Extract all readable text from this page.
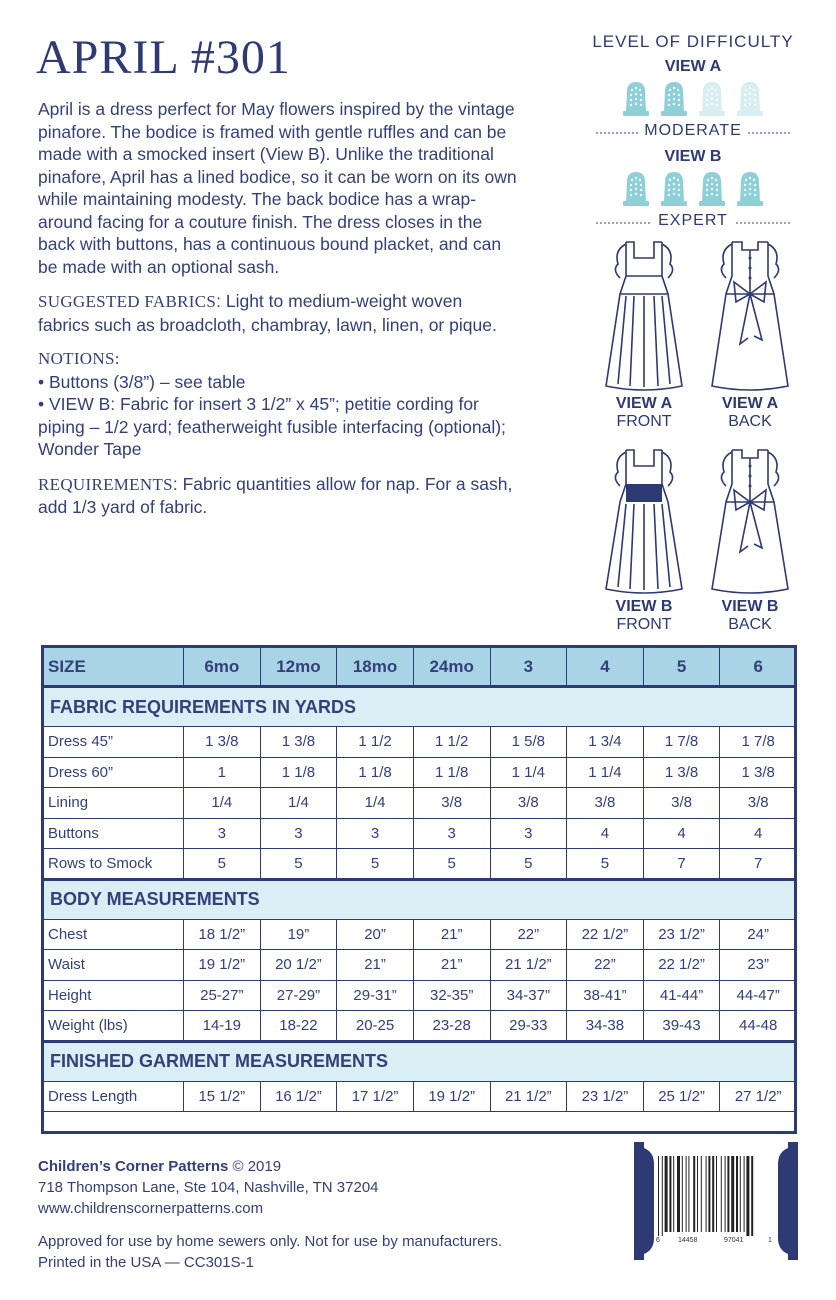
APRIL #301

April is a dress perfect for May flowers inspired by the vintage pinafore. The bodice is framed with gentle ruffles and can be made with a smocked insert (View B). Unlike the traditional pinafore, April has a lined bodice, so it can be worn on its own while maintaining modesty. The back bodice has a wrap-around facing for a couture finish. The dress closes in the back with buttons, has a continuous bound placket, and can be made with an optional sash.

SUGGESTED FABRICS: Light to medium-weight woven fabrics such as broadcloth, chambray, lawn, linen, or pique.

NOTIONS:
• Buttons (3/8”) – see table
• VIEW B: Fabric for insert 3 1/2” x 45”; petitie cording for piping – 1/2 yard; featherweight fusible interfacing (optional); Wonder Tape

REQUIREMENTS: Fabric quantities allow for nap. For a sash, add 1/3 yard of fabric.

LEVEL OF DIFFICULTY
VIEW A
MODERATE
VIEW B
EXPERT
VIEW A
FRONT
VIEW A
BACK
VIEW B
FRONT
VIEW B
BACK
SIZE	6mo	12mo	18mo	24mo	3	4	5	6
FABRIC REQUIREMENTS IN YARDS								
Dress 45”	1 3/8	1 3/8	1 1/2	1 1/2	1 5/8	1 3/4	1 7/8	1 7/8
Dress 60”	1	1 1/8	1 1/8	1 1/8	1 1/4	1 1/4	1 3/8	1 3/8
Lining	1/4	1/4	1/4	3/8	3/8	3/8	3/8	3/8
Buttons	3	3	3	3	3	4	4	4
Rows to Smock	5	5	5	5	5	5	7	7
BODY MEASUREMENTS								
Chest	18 1/2”	19”	20”	21”	22”	22 1/2”	23 1/2”	24”
Waist	19 1/2”	20 1/2”	21”	21”	21 1/2”	22”	22 1/2”	23”
Height	25-27”	27-29”	29-31”	32-35”	34-37”	38-41”	41-44”	44-47”
Weight (lbs)	14-19	18-22	20-25	23-28	29-33	34-38	39-43	44-48
FINISHED GARMENT MEASUREMENTS								
Dress Length	15 1/2”	16 1/2”	17 1/2”	19 1/2”	21 1/2”	23 1/2”	25 1/2”	27 1/2”
Children’s Corner Patterns © 2019
718 Thompson Lane, Ste 104, Nashville, TN 37204
www.childrenscornerpatterns.com
Approved for use by home sewers only. Not for use by manufacturers.
Printed in the USA — CC301S-1
6	14458	97041	1
